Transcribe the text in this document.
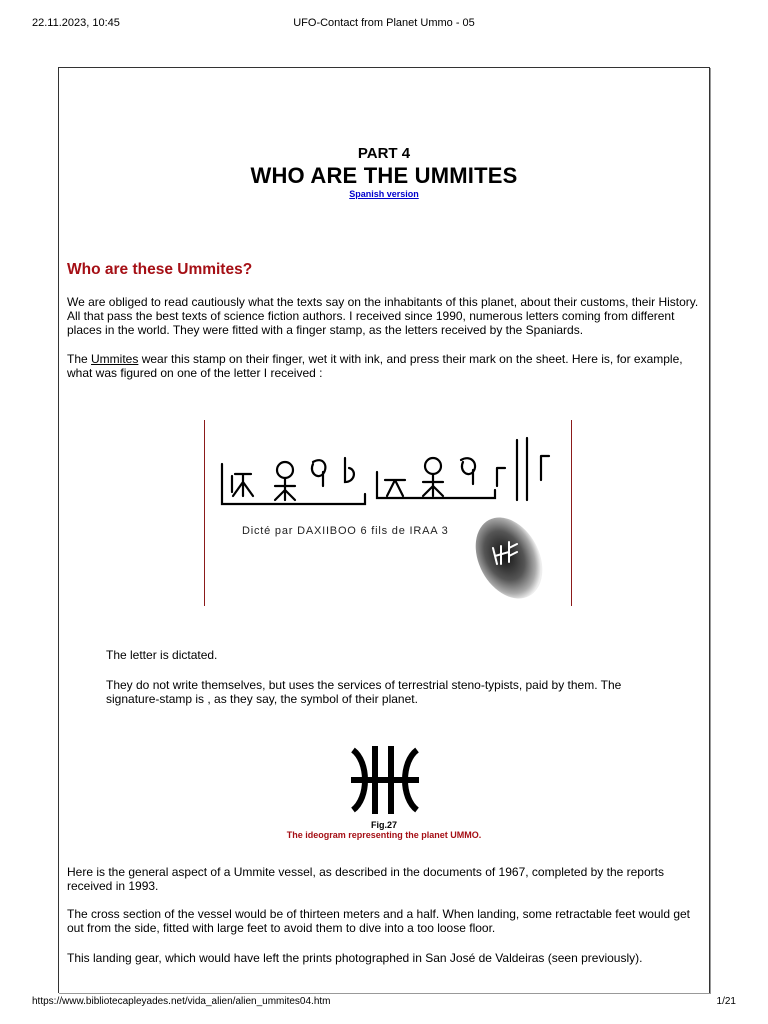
22.11.2023, 10:45	UFO-Contact from Planet Ummo - 05
PART 4
WHO ARE THE UMMITES
Spanish version
Who are these Ummites?
We are obliged to read cautiously what the texts say on the inhabitants of this planet, about their customs, their History. All that pass the best texts of science fiction authors. I received since 1990, numerous letters coming from different places in the world. They were fitted with a finger stamp, as the letters received by the Spaniards.
The Ummites wear this stamp on their finger, wet it with ink, and press their mark on the sheet. Here is, for example, what was figured on one of the letter I received :
Dicté par DAXIIBOO 6 fils de IRAA 3
The letter is dictated.
They do not write themselves, but uses the services of terrestrial steno-typists, paid by them. The signature-stamp is , as they say, the symbol of their planet.
Fig.27
The ideogram representing the planet UMMO.
Here is the general aspect of a Ummite vessel, as described in the documents of 1967, completed by the reports received in 1993.
The cross section of the vessel would be of thirteen meters and a half. When landing, some retractable feet would get out from the side, fitted with large feet to avoid them to dive into a too loose floor.
This landing gear, which would have left the prints photographed in San José de Valdeiras (seen previously).
https://www.bibliotecapleyades.net/vida_alien/alien_ummites04.htm	1/21
